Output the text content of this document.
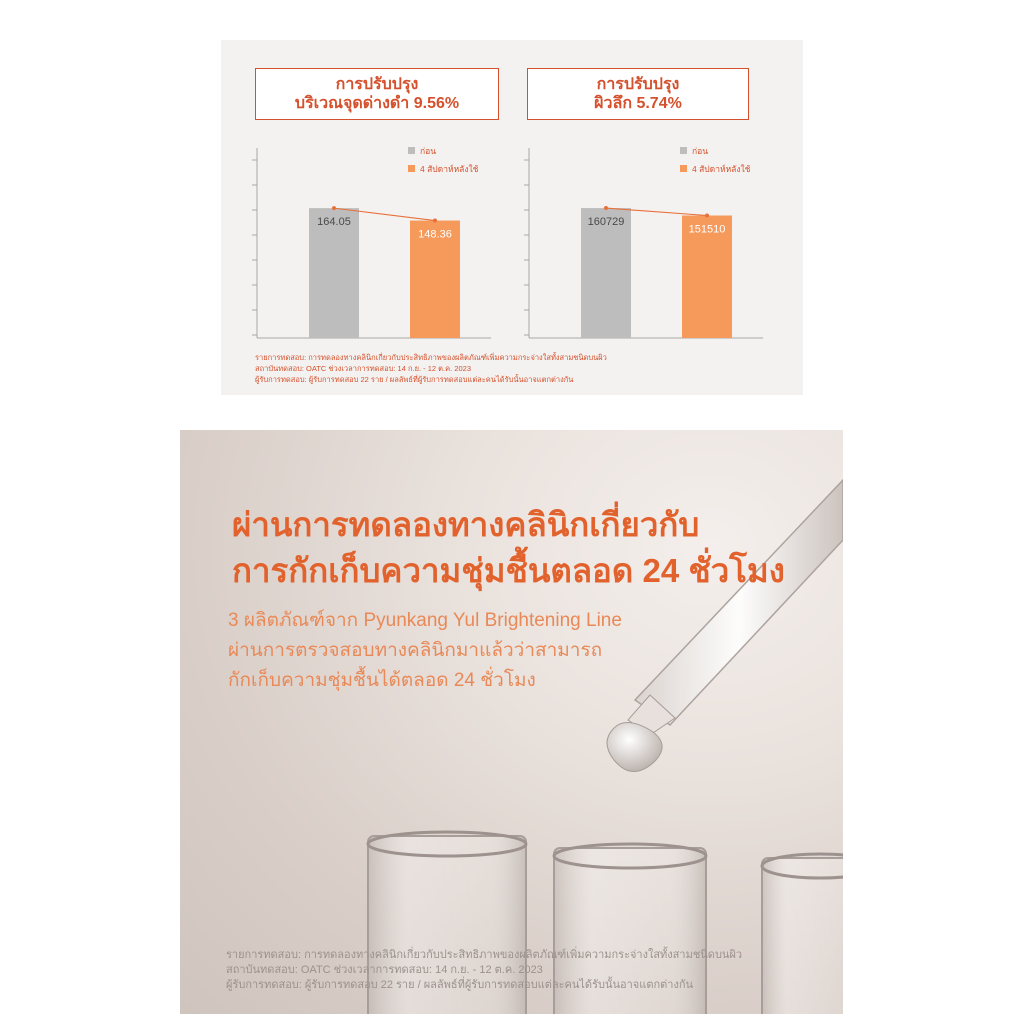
การปรับปรุง
บริเวณจุดด่างดำ 9.56%
การปรับปรุง
ผิวลึก 5.74%
164.05
148.36
ก่อน
4 สัปดาห์หลังใช้
160729
151510
ก่อน
4 สัปดาห์หลังใช้
รายการทดสอบ: การทดลองทางคลินิกเกี่ยวกับประสิทธิภาพของผลิตภัณฑ์เพิ่มความกระจ่างใสทั้งสามชนิดบนผิว
สถาบันทดสอบ: OATC ช่วงเวลาการทดสอบ: 14 ก.ย. - 12 ต.ค. 2023
ผู้รับการทดสอบ: ผู้รับการทดสอบ 22 ราย / ผลลัพธ์ที่ผู้รับการทดสอบแต่ละคนได้รับนั้นอาจแตกต่างกัน
ผ่านการทดลองทางคลินิกเกี่ยวกับ
การกักเก็บความชุ่มชื้นตลอด 24 ชั่วโมง
3 ผลิตภัณฑ์จาก Pyunkang Yul Brightening Line
ผ่านการตรวจสอบทางคลินิกมาแล้วว่าสามารถ
กักเก็บความชุ่มชื้นได้ตลอด 24 ชั่วโมง
รายการทดสอบ: การทดลองทางคลินิกเกี่ยวกับประสิทธิภาพของผลิตภัณฑ์เพิ่มความกระจ่างใสทั้งสามชนิดบนผิว
สถาบันทดสอบ: OATC ช่วงเวลาการทดสอบ: 14 ก.ย. - 12 ต.ค. 2023
ผู้รับการทดสอบ: ผู้รับการทดสอบ 22 ราย / ผลลัพธ์ที่ผู้รับการทดสอบแต่ละคนได้รับนั้นอาจแตกต่างกัน
